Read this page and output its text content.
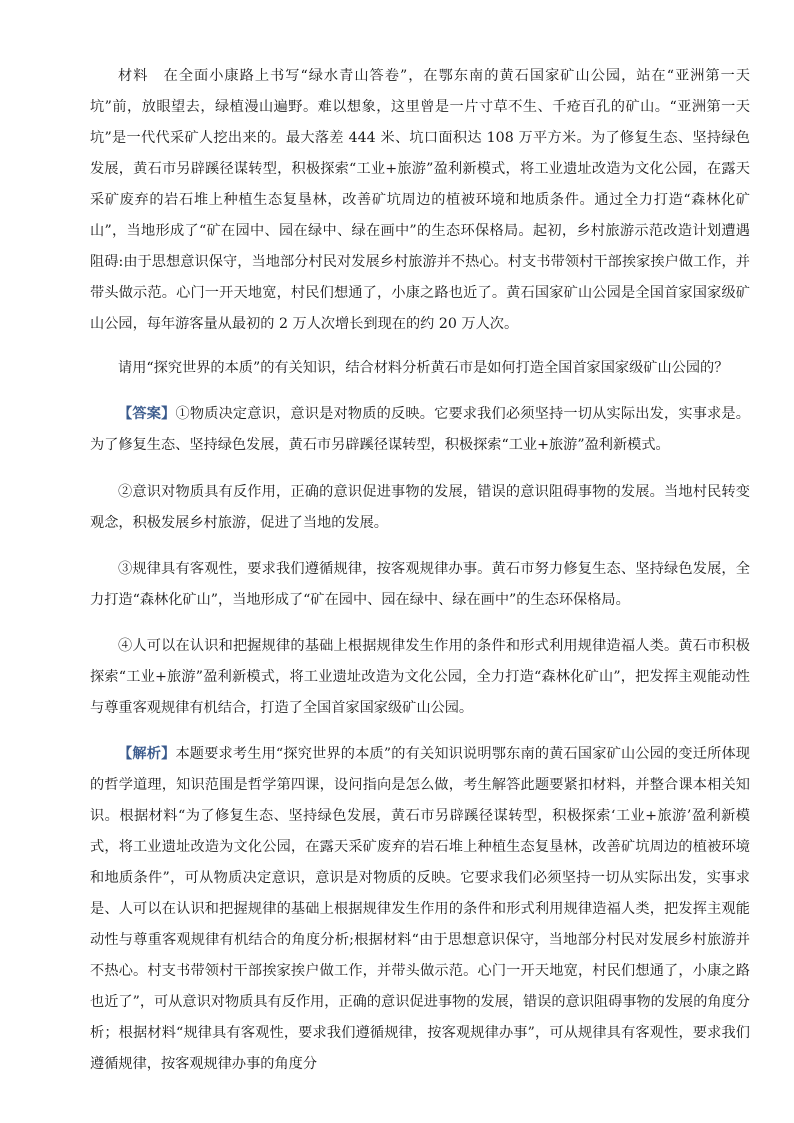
材料　在全面小康路上书写“绿水青山答卷”，在鄂东南的黄石国家矿山公园，站在“亚洲第一天坑”前，放眼望去，绿植漫山遍野。难以想象，这里曾是一片寸草不生、千疮百孔的矿山。“亚洲第一天坑”是一代代采矿人挖出来的。最大落差 444 米、坑口面积达 108 万平方米。为了修复生态、坚持绿色发展，黄石市另辟蹊径谋转型，积极探索“工业+旅游”盈利新模式，将工业遗址改造为文化公园，在露天采矿废弃的岩石堆上种植生态复垦林，改善矿坑周边的植被环境和地质条件。通过全力打造“森林化矿山”，当地形成了“矿在园中、园在绿中、绿在画中”的生态环保格局。起初，乡村旅游示范改造计划遭遇阻碍:由于思想意识保守，当地部分村民对发展乡村旅游并不热心。村支书带领村干部挨家挨户做工作，并带头做示范。心门一开天地宽，村民们想通了，小康之路也近了。黄石国家矿山公园是全国首家国家级矿山公园，每年游客量从最初的 2 万人次增长到现在的约 20 万人次。

请用“探究世界的本质”的有关知识，结合材料分析黄石市是如何打造全国首家国家级矿山公园的？

【答案】①物质决定意识，意识是对物质的反映。它要求我们必须坚持一切从实际出发，实事求是。为了修复生态、坚持绿色发展，黄石市另辟蹊径谋转型，积极探索“工业+旅游”盈利新模式。

②意识对物质具有反作用，正确的意识促进事物的发展，错误的意识阻碍事物的发展。当地村民转变观念，积极发展乡村旅游，促进了当地的发展。

③规律具有客观性，要求我们遵循规律，按客观规律办事。黄石市努力修复生态、坚持绿色发展，全力打造“森林化矿山”，当地形成了“矿在园中、园在绿中、绿在画中”的生态环保格局。

④人可以在认识和把握规律的基础上根据规律发生作用的条件和形式利用规律造福人类。黄石市积极探索“工业+旅游”盈利新模式，将工业遗址改造为文化公园，全力打造“森林化矿山”，把发挥主观能动性与尊重客观规律有机结合，打造了全国首家国家级矿山公园。

【解析】本题要求考生用“探究世界的本质”的有关知识说明鄂东南的黄石国家矿山公园的变迁所体现的哲学道理，知识范围是哲学第四课，设问指向是怎么做，考生解答此题要紧扣材料，并整合课本相关知识。根据材料“为了修复生态、坚持绿色发展，黄石市另辟蹊径谋转型，积极探索‘工业+旅游’盈利新模式，将工业遗址改造为文化公园，在露天采矿废弃的岩石堆上种植生态复垦林，改善矿坑周边的植被环境和地质条件”，可从物质决定意识，意识是对物质的反映。它要求我们必须坚持一切从实际出发，实事求是、人可以在认识和把握规律的基础上根据规律发生作用的条件和形式利用规律造福人类，把发挥主观能动性与尊重客观规律有机结合的角度分析;根据材料“由于思想意识保守，当地部分村民对发展乡村旅游并不热心。村支书带领村干部挨家挨户做工作，并带头做示范。心门一开天地宽，村民们想通了，小康之路也近了”，可从意识对物质具有反作用，正确的意识促进事物的发展，错误的意识阻碍事物的发展的角度分析；根据材料“规律具有客观性，要求我们遵循规律，按客观规律办事”，可从规律具有客观性，要求我们遵循规律，按客观规律办事的角度分
